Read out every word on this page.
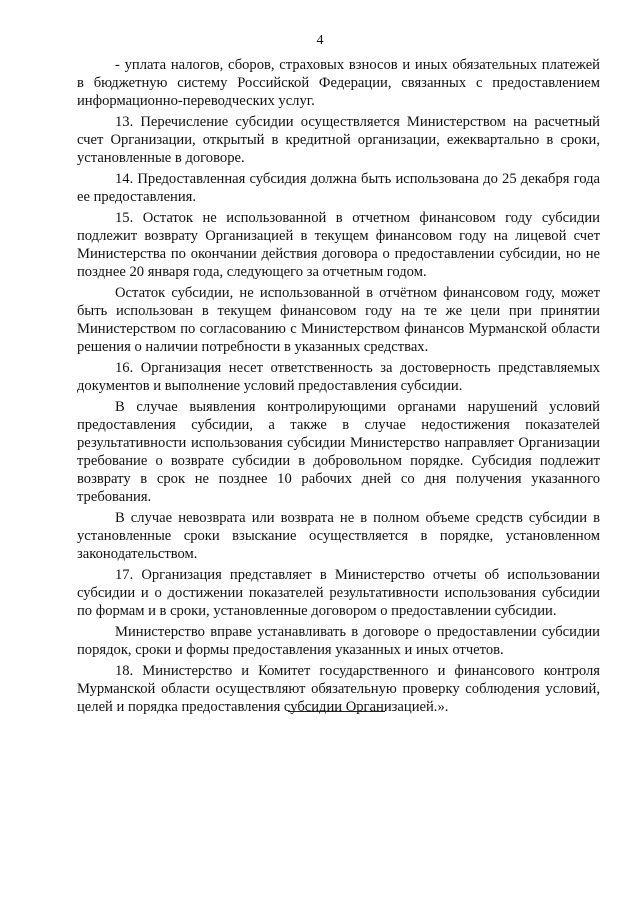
4

- уплата налогов, сборов, страховых взносов и иных обязательных платежей в бюджетную систему Российской Федерации, связанных с предоставлением информационно-переводческих услуг.

13. Перечисление субсидии осуществляется Министерством на расчетный счет Организации, открытый в кредитной организации, ежеквартально в сроки, установленные в договоре.

14. Предоставленная субсидия должна быть использована до 25 декабря года ее предоставления.

15. Остаток не использованной в отчетном финансовом году субсидии подлежит возврату Организацией в текущем финансовом году на лицевой счет Министерства по окончании действия договора о предоставлении субсидии, но не позднее 20 января года, следующего за отчетным годом.

Остаток субсидии, не использованной в отчётном финансовом году, может быть использован в текущем финансовом году на те же цели при принятии Министерством по согласованию с Министерством финансов Мурманской области решения о наличии потребности в указанных средствах.

16. Организация несет ответственность за достоверность представляемых документов и выполнение условий предоставления субсидии.

В случае выявления контролирующими органами нарушений условий предоставления субсидии, а также в случае недостижения показателей результативности использования субсидии Министерство направляет Организации требование о возврате субсидии в добровольном порядке. Субсидия подлежит возврату в срок не позднее 10 рабочих дней со дня получения указанного требования.

В случае невозврата или возврата не в полном объеме средств субсидии в установленные сроки взыскание осуществляется в порядке, установленном законодательством.

17. Организация представляет в Министерство отчеты об использовании субсидии и о достижении показателей результативности использования субсидии по формам и в сроки, установленные договором о предоставлении субсидии.

Министерство вправе устанавливать в договоре о предоставлении субсидии порядок, сроки и формы предоставления указанных и иных отчетов.

18. Министерство и Комитет государственного и финансового контроля Мурманской области осуществляют обязательную проверку соблюдения условий, целей и порядка предоставления субсидии Организацией.».
